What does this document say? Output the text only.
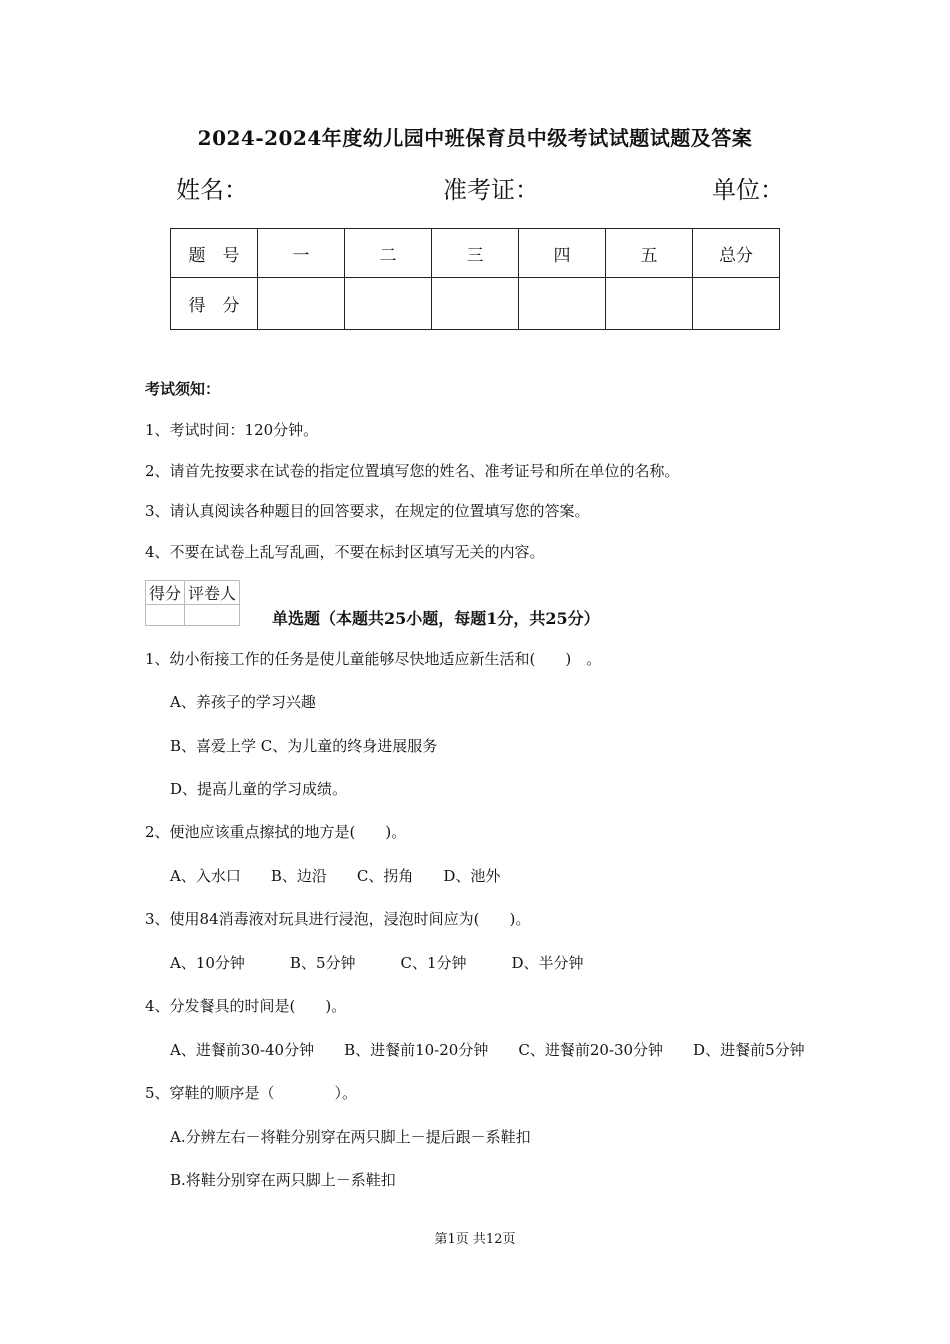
2024-2024年度幼儿园中班保育员中级考试试题试题及答案
姓名：	准考证：	单位：
题　号	一	二	三	四	五	总分
得　分						
考试须知：
1、考试时间：120分钟。
2、请首先按要求在试卷的指定位置填写您的姓名、准考证号和所在单位的名称。
3、请认真阅读各种题目的回答要求，在规定的位置填写您的答案。
4、不要在试卷上乱写乱画，不要在标封区填写无关的内容。
得分	评卷人

单选题（本题共25小题，每题1分，共25分）
1、幼小衔接工作的任务是使儿童能够尽快地适应新生活和(　　)　。
A、养孩子的学习兴趣
B、喜爱上学 C、为儿童的终身进展服务
D、提高儿童的学习成绩。
2、便池应该重点擦拭的地方是(　　)。
A、入水口　　B、边沿　　C、拐角　　D、池外
3、使用84消毒液对玩具进行浸泡，浸泡时间应为(　　)。
A、10分钟　　　B、5分钟　　　C、1分钟　　　D、半分钟
4、分发餐具的时间是(　　)。
A、进餐前30-40分钟　　B、进餐前10-20分钟　　C、进餐前20-30分钟　　D、进餐前5分钟
5、穿鞋的顺序是（　　　　）。
A.分辨左右－将鞋分别穿在两只脚上－提后跟－系鞋扣
B.将鞋分别穿在两只脚上－系鞋扣
第1页 共12页
